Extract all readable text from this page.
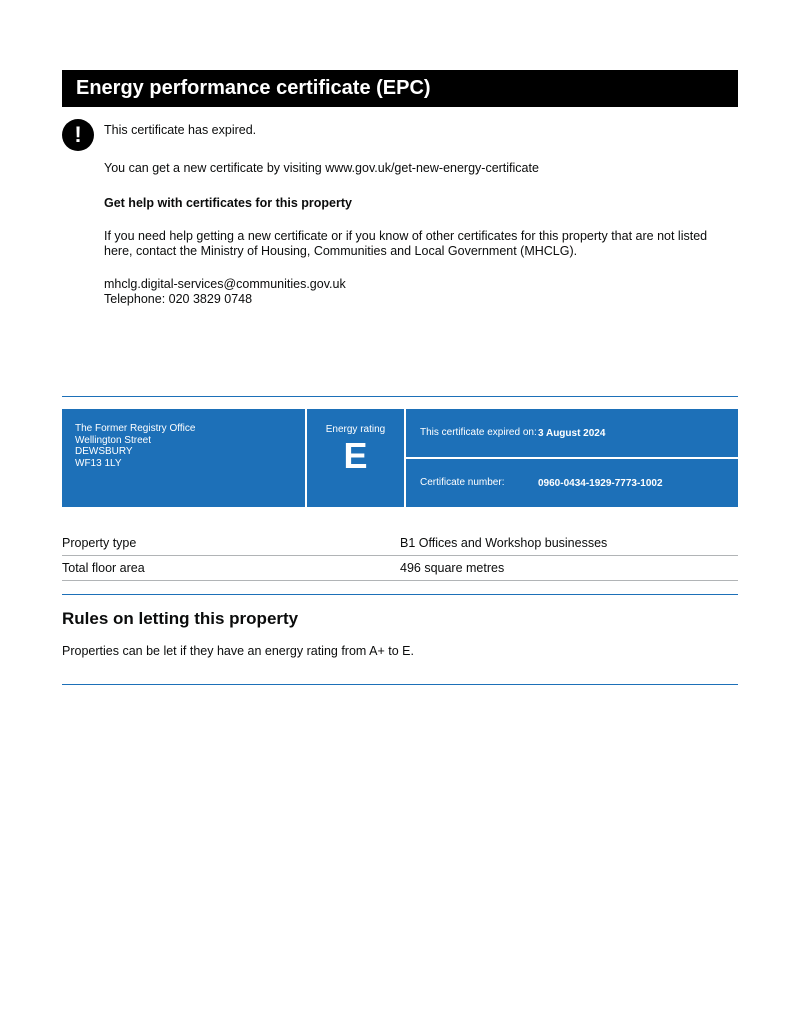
Energy performance certificate (EPC)
!	This certificate has expired.

You can get a new certificate by visiting www.gov.uk/get-new-energy-certificate

Get help with certificates for this property

If you need help getting a new certificate or if you know of other certificates for this property that are not listed here, contact the Ministry of Housing, Communities and Local Government (MHCLG).

mhclg.digital-services@communities.gov.uk

Telephone: 020 3829 0748

The Former Registry Office
Wellington Street
DEWSBURY
WF13 1LY
Energy rating
E
This certificate expired on: 3 August 2024
Certificate number:	0960-0434-1929-7773-1002
Property type	B1 Offices and Workshop businesses
Total floor area	496 square metres
Rules on letting this property
Properties can be let if they have an energy rating from A+ to E.
